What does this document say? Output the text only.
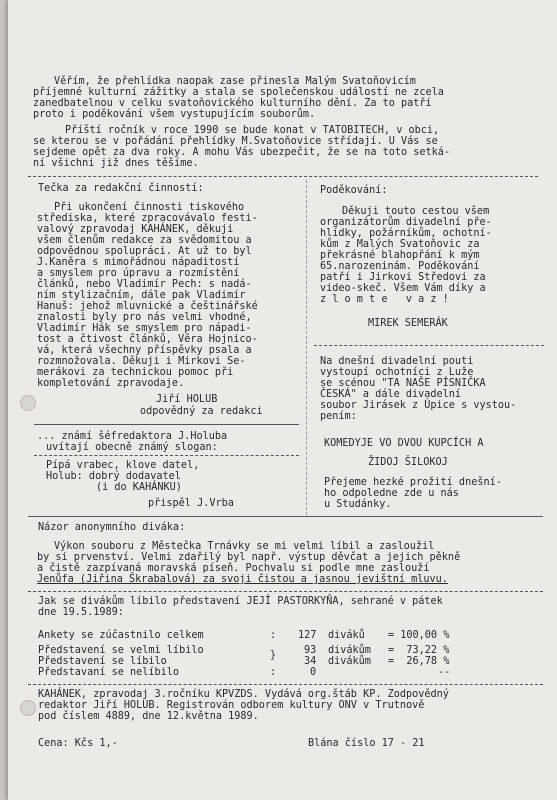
Věřím, že přehlídka naopak zase přinesla Malým Svatoňovicím
příjemné kulturní zážitky a stala se společenskou událostí ne zcela
zanedbatelnou v celku svatoňovického kulturního dění. Za to patří
proto i poděkování všem vystupujícím souborům.
Příští ročník v roce 1990 se bude konat v TATOBITECH, v obci,
se kterou se v pořádání přehlídky M.Svatoňovice střídají. U Vás se
sejdeme opět za dva roky. A mohu Vás ubezpečit, že se na toto setká-
ní všichni již dnes těšíme.
Tečka za redakční činností:
Při ukončení činnosti tiskového
střediska, které zpracovávalo festi-
valový zpravodaj KAHÁNEK, děkuji
všem členům redakce za svědomitou a
odpovědnou spolupráci. At už to byl
J.Kaněra s mimořádnou nápaditostí
a smyslem pro úpravu a rozmístění
článků, nebo Vladimír Pech: s nadá-
ním stylizačním, dále pak Vladimír
Hanuš: jehož mluvnické a češtinářské
znalosti byly pro nás velmi vhodné,
Vladimír Hák se smyslem pro nápadi-
tost a čtivost článků, Věra Hojnico-
vá, která všechny příspěvky psala a
rozmnožovala. Děkuji i Mirkovi Se-
merákovi za technickou pomoc při
kompletování zpravodaje.
Jiří HOLUB
odpovědný za redakci
... známí šéfredaktora J.Holuba
uvítají obecně známý slogan:
Pípá vrabec, klove datel,
Holub: dobrý dodavatel
(i do KAHÁNKU)
přispěl J.Vrba
Poděkování:
Děkuji touto cestou všem
organizátorům divadelní pře-
hlídky, požárníkům, ochotní-
kům z Malých Svatoňovic za
překrásné blahopřání k mým
65.narozeninám. Poděkování
patří i Jirkovi Středovi za
video-skeč. Všem Vám díky a
z l o m t e   v a z !
MIREK SEMERÁK
Na dnešní divadelní pouti
vystoupí ochotníci z Luže
se scénou "TA NAŠE PÍSNIČKA
ČESKÁ" a dále divadelní
soubor Jirásek z Úpice s vystou-
pením:
KOMEDYJE VO DVOU KUPCÍCH A
ŽIDOJ ŠILOKOJ
Přejeme hezké prožití dnešní-
ho odpoledne zde u nás
u Studánky.
Názor anonymního diváka:
Výkon souboru z Městečka Trnávky se mi velmi líbil a zasloužil
by si prvenství. Velmi zdařilý byl např. výstup děvčat a jejich pěkně
a čistě zazpívaná moravská píseň. Pochvalu si podle mne zaslouží
Jenůfa (Jiřina Škrabalová) za svoji čistou a jasnou jevištní mluvu.
Jak se divákům líbilo představení JEJÍ PASTORKYŇA, sehrané v pátek
dne 19.5.1989:
Ankety se zúčastnilo celkem	: 127 diváků = 100,00 %
Představení se velmi líbilo	}	93 divákům =  73,22 %
Představení se líbilo	34 divákům =  26,78 %
Představaní se nelíbilo	:	0	--
KAHÁNEK, zpravodaj 3.ročníku KPVZDS. Vydává org.štáb KP. Zodpovědný
redaktor Jiří HOLUB. Registrován odborem kultury ONV v Trutnově
pod číslem 4889, dne 12.května 1989.
Cena: Kčs 1,-	Blána číslo 17 - 21
